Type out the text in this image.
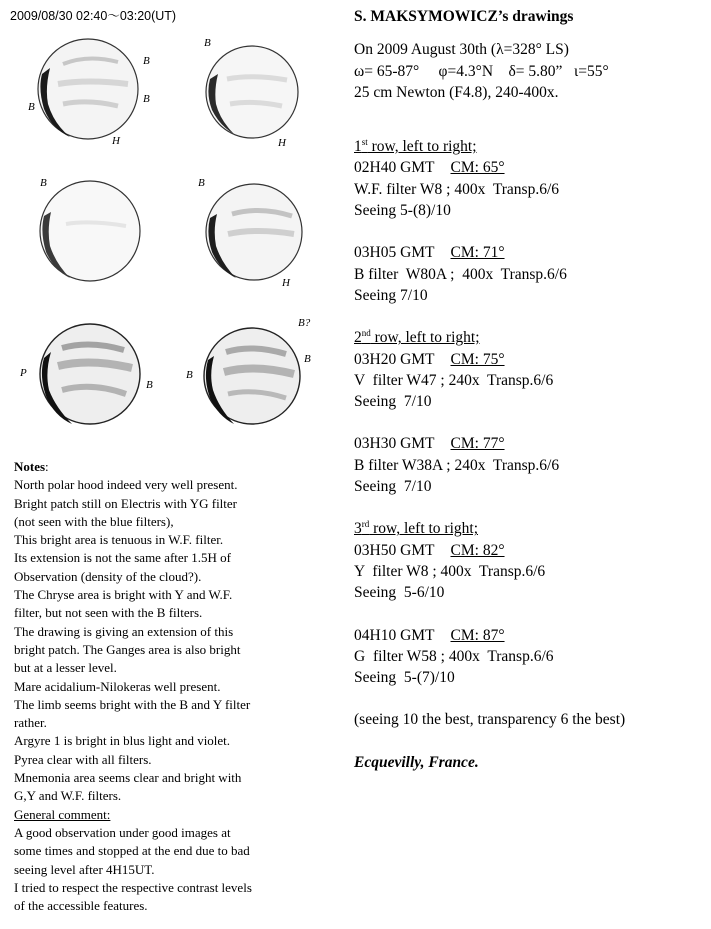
2009/08/30 02:40～03:20(UT)
B
B
B
H
B
H
B	B
H
P
B
B?
B
B
Notes:
North polar hood indeed very well present.
Bright patch still on Electris with YG filter
(not seen with the blue filters),
This bright area is tenuous in W.F. filter.
Its extension is not the same after 1.5H of
Observation (density of the cloud?).
The Chryse area is bright with Y and W.F.
filter, but not seen with the B filters.
The drawing is giving an extension of this
bright patch. The Ganges area is also bright
but at a lesser level.
Mare acidalium-Nilokeras well present.
The limb seems bright with the B and Y filter
rather.
Argyre 1 is bright in blus light and violet.
Pyrea clear with all filters.
Mnemonia area seems clear and bright with
G,Y and W.F. filters.
General comment:
A good observation under good images at
some times and stopped at the end due to bad
seeing level after 4H15UT.
I tried to respect the respective contrast levels
of the accessible features.
S. MAKSYMOWICZ’s drawings
On 2009 August 30th (λ=328° LS)
ω= 65-87°     φ=4.3°N    δ= 5.80”   ι=55°
25 cm Newton (F4.8), 240-400x.
1st row, left to right;
02H40 GMT CM: 65°
W.F. filter W8 ; 400x  Transp.6/6
Seeing 5-(8)/10
03H05 GMT CM: 71°
B filter  W80A ;  400x  Transp.6/6
Seeing 7/10
2nd row, left to right;
03H20 GMT CM: 75°
V  filter W47 ; 240x  Transp.6/6
Seeing  7/10
03H30 GMT CM: 77°
B filter W38A ; 240x  Transp.6/6
Seeing  7/10
3rd row, left to right;
03H50 GMT CM: 82°
Y  filter W8 ; 400x  Transp.6/6
Seeing  5-6/10
04H10 GMT CM: 87°
G  filter W58 ; 400x  Transp.6/6
Seeing  5-(7)/10
(seeing 10 the best, transparency 6 the best)
Ecquevilly, France.
